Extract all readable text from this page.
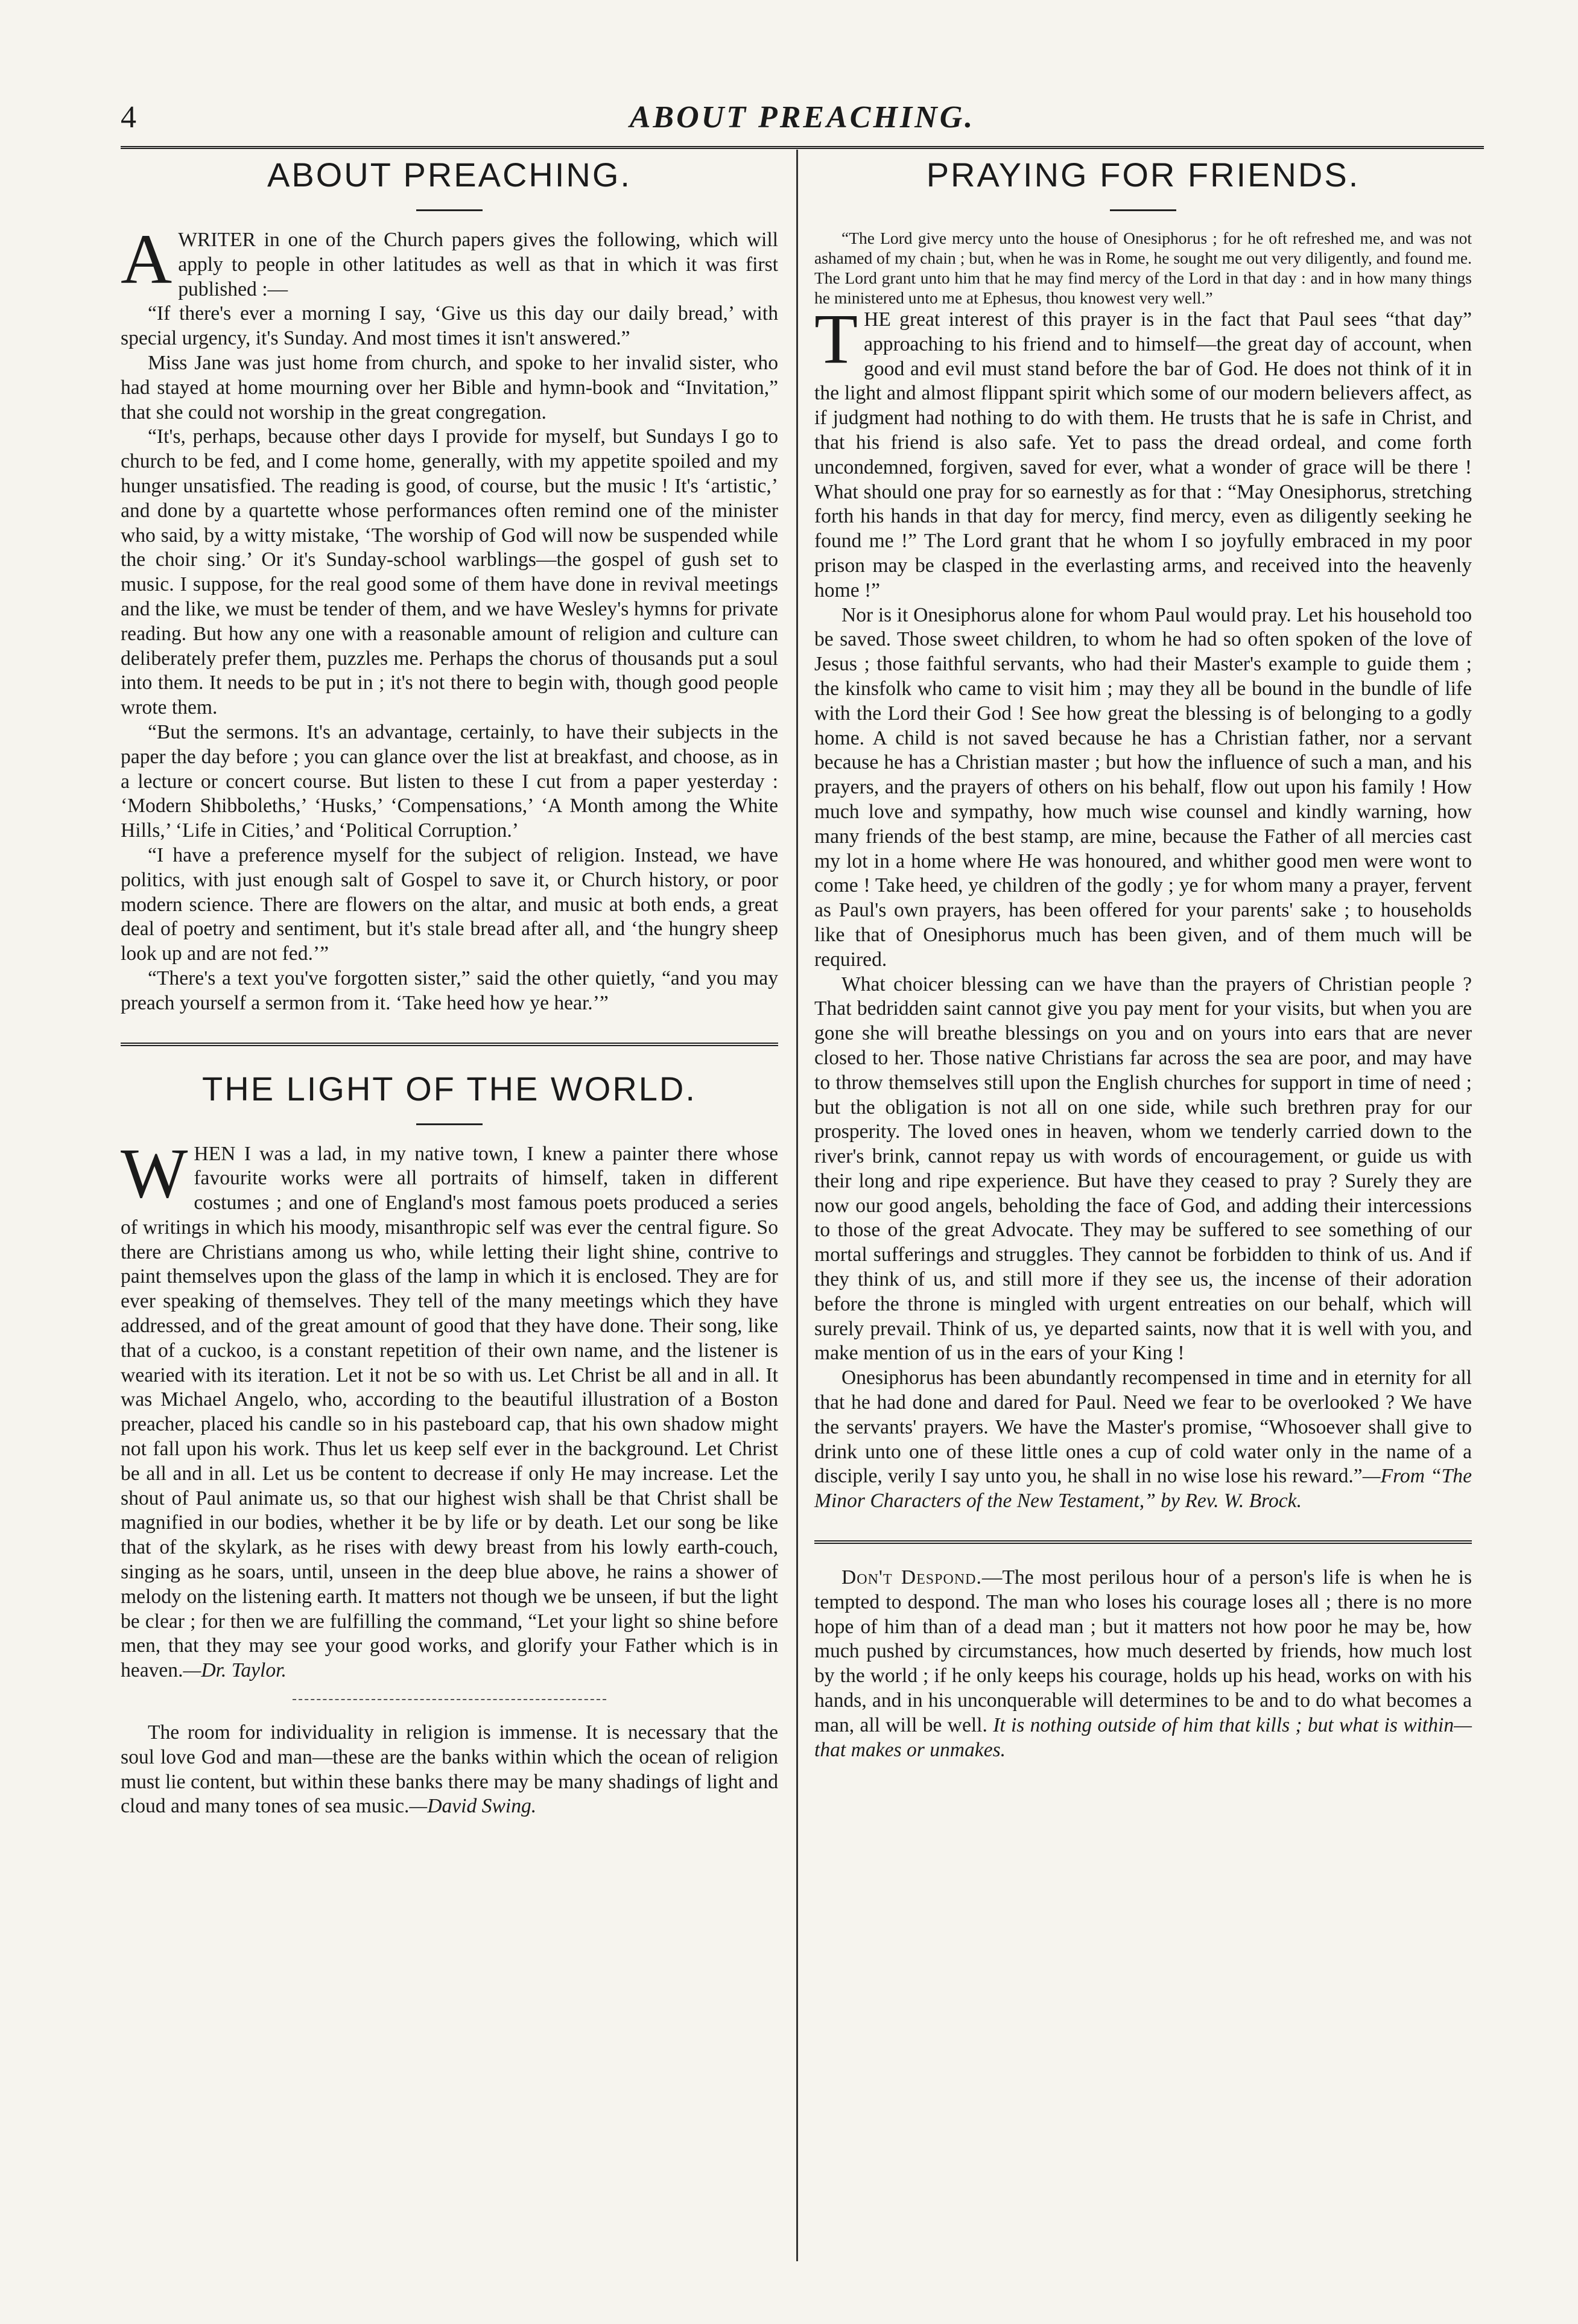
4	ABOUT PREACHING.
ABOUT PREACHING.

AWRITER in one of the Church papers gives the following, which will apply to people in other latitudes as well as that in which it was first published :—

“If there's ever a morning I say, ‘Give us this day our daily bread,’ with special urgency, it's Sunday. And most times it isn't answered.”

Miss Jane was just home from church, and spoke to her invalid sister, who had stayed at home mourning over her Bible and hymn-book and “Invitation,” that she could not worship in the great congregation.

“It's, perhaps, because other days I provide for myself, but Sundays I go to church to be fed, and I come home, generally, with my appetite spoiled and my hunger unsatisfied. The reading is good, of course, but the music ! It's ‘artistic,’ and done by a quartette whose performances often remind one of the minister who said, by a witty mistake, ‘The worship of God will now be suspended while the choir sing.’ Or it's Sunday-school warblings—the gospel of gush set to music. I suppose, for the real good some of them have done in revival meetings and the like, we must be tender of them, and we have Wesley's hymns for private reading. But how any one with a reasonable amount of religion and culture can deliberately prefer them, puzzles me. Perhaps the chorus of thousands put a soul into them. It needs to be put in ; it's not there to begin with, though good people wrote them.

“But the sermons. It's an advantage, certainly, to have their subjects in the paper the day before ; you can glance over the list at breakfast, and choose, as in a lecture or concert course. But listen to these I cut from a paper yesterday : ‘Modern Shibboleths,’ ‘Husks,’ ‘Compensations,’ ‘A Month among the White Hills,’ ‘Life in Cities,’ and ‘Political Corruption.’

“I have a preference myself for the subject of religion. Instead, we have politics, with just enough salt of Gospel to save it, or Church history, or poor modern science. There are flowers on the altar, and music at both ends, a great deal of poetry and sentiment, but it's stale bread after all, and ‘the hungry sheep look up and are not fed.’”

“There's a text you've forgotten sister,” said the other quietly, “and you may preach yourself a sermon from it. ‘Take heed how ye hear.’”

THE LIGHT OF THE WORLD.

WHEN I was a lad, in my native town, I knew a painter there whose favourite works were all portraits of himself, taken in different costumes ; and one of England's most famous poets produced a series of writings in which his moody, misanthropic self was ever the central figure. So there are Christians among us who, while letting their light shine, contrive to paint themselves upon the glass of the lamp in which it is enclosed. They are for ever speaking of themselves. They tell of the many meetings which they have addressed, and of the great amount of good that they have done. Their song, like that of a cuckoo, is a constant repetition of their own name, and the listener is wearied with its iteration. Let it not be so with us. Let Christ be all and in all. It was Michael Angelo, who, according to the beautiful illustration of a Boston preacher, placed his candle so in his pasteboard cap, that his own shadow might not fall upon his work. Thus let us keep self ever in the background. Let Christ be all and in all. Let us be content to decrease if only He may increase. Let the shout of Paul animate us, so that our highest wish shall be that Christ shall be magnified in our bodies, whether it be by life or by death. Let our song be like that of the skylark, as he rises with dewy breast from his lowly earth-couch, singing as he soars, until, unseen in the deep blue above, he rains a shower of melody on the listening earth. It matters not though we be unseen, if but the light be clear ; for then we are fulfilling the command, “Let your light so shine before men, that they may see your good works, and glorify your Father which is in heaven.—Dr. Taylor.

The room for individuality in religion is immense. It is necessary that the soul love God and man—these are the banks within which the ocean of religion must lie content, but within these banks there may be many shadings of light and cloud and many tones of sea music.—David Swing.

PRAYING FOR FRIENDS.

“The Lord give mercy unto the house of Onesiphorus ; for he oft refreshed me, and was not ashamed of my chain ; but, when he was in Rome, he sought me out very diligently, and found me. The Lord grant unto him that he may find mercy of the Lord in that day : and in how many things he ministered unto me at Ephesus, thou knowest very well.”

THE great interest of this prayer is in the fact that Paul sees “that day” approaching to his friend and to himself—the great day of account, when good and evil must stand before the bar of God. He does not think of it in the light and almost flippant spirit which some of our modern believers affect, as if judgment had nothing to do with them. He trusts that he is safe in Christ, and that his friend is also safe. Yet to pass the dread ordeal, and come forth uncondemned, forgiven, saved for ever, what a wonder of grace will be there ! What should one pray for so earnestly as for that : “May Onesiphorus, stretching forth his hands in that day for mercy, find mercy, even as diligently seeking he found me !” The Lord grant that he whom I so joyfully embraced in my poor prison may be clasped in the everlasting arms, and received into the heavenly home !”

Nor is it Onesiphorus alone for whom Paul would pray. Let his household too be saved. Those sweet children, to whom he had so often spoken of the love of Jesus ; those faithful servants, who had their Master's example to guide them ; the kinsfolk who came to visit him ; may they all be bound in the bundle of life with the Lord their God ! See how great the blessing is of belonging to a godly home. A child is not saved because he has a Christian father, nor a servant because he has a Christian master ; but how the influence of such a man, and his prayers, and the prayers of others on his behalf, flow out upon his family ! How much love and sympathy, how much wise counsel and kindly warning, how many friends of the best stamp, are mine, because the Father of all mercies cast my lot in a home where He was honoured, and whither good men were wont to come ! Take heed, ye children of the godly ; ye for whom many a prayer, fervent as Paul's own prayers, has been offered for your parents' sake ; to households like that of Onesiphorus much has been given, and of them much will be required.

What choicer blessing can we have than the prayers of Christian people ? That bedridden saint cannot give you pay ment for your visits, but when you are gone she will breathe blessings on you and on yours into ears that are never closed to her. Those native Christians far across the sea are poor, and may have to throw themselves still upon the English churches for support in time of need ; but the obligation is not all on one side, while such brethren pray for our prosperity. The loved ones in heaven, whom we tenderly carried down to the river's brink, cannot repay us with words of encouragement, or guide us with their long and ripe experience. But have they ceased to pray ? Surely they are now our good angels, beholding the face of God, and adding their intercessions to those of the great Advocate. They may be suffered to see something of our mortal sufferings and struggles. They cannot be forbidden to think of us. And if they think of us, and still more if they see us, the incense of their adoration before the throne is mingled with urgent entreaties on our behalf, which will surely prevail. Think of us, ye departed saints, now that it is well with you, and make mention of us in the ears of your King !

Onesiphorus has been abundantly recompensed in time and in eternity for all that he had done and dared for Paul. Need we fear to be overlooked ? We have the servants' prayers. We have the Master's promise, “Whosoever shall give to drink unto one of these little ones a cup of cold water only in the name of a disciple, verily I say unto you, he shall in no wise lose his reward.”—From “The Minor Characters of the New Testament,” by Rev. W. Brock.

Don't Despond.—The most perilous hour of a person's life is when he is tempted to despond. The man who loses his courage loses all ; there is no more hope of him than of a dead man ; but it matters not how poor he may be, how much pushed by circumstances, how much deserted by friends, how much lost by the world ; if he only keeps his courage, holds up his head, works on with his hands, and in his unconquerable will determines to be and to do what becomes a man, all will be well. It is nothing outside of him that kills ; but what is within—that makes or unmakes.
